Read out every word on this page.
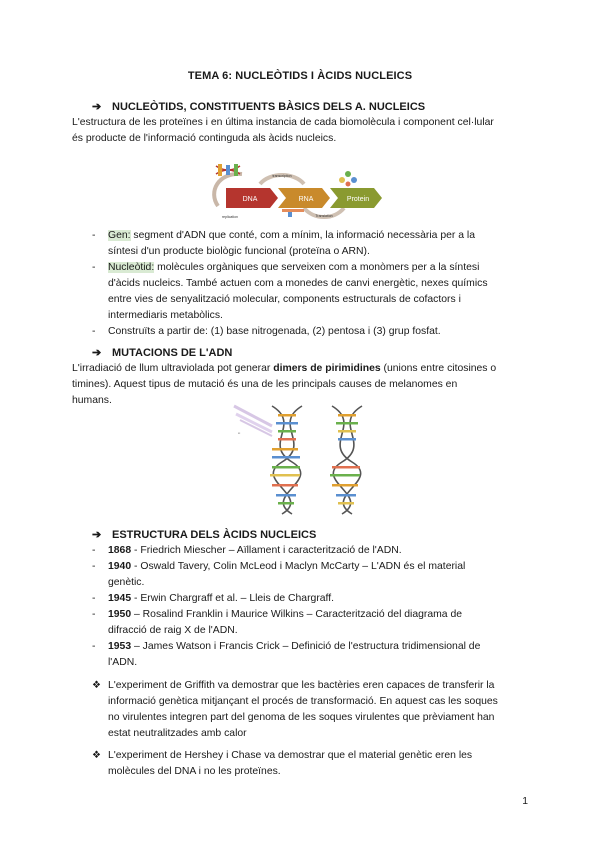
TEMA 6: NUCLEÒTIDS I ÀCIDS NUCLEICS
➔ NUCLEÒTIDS, CONSTITUENTS BÀSICS DELS A. NUCLEICS
L'estructura de les proteïnes i en última instancia de cada biomolècula i component cel·lular
és producte de l'informació continguda als àcids nucleics.
transcription
Translation
replication
DNA	RNA	Protein
- Gen: segment d'ADN que conté, com a mínim, la informació necessària per a la
síntesi d'un producte biològic funcional (proteïna o ARN).
- Nucleòtid: molècules orgàniques que serveixen com a monòmers per a la síntesi
d'àcids nucleics. També actuen com a monedes de canvi energètic, nexes químics
entre vies de senyalització molecular, components estructurals de cofactors i
intermediaris metabòlics.
- Construïts a partir de: (1) base nitrogenada, (2) pentosa i (3) grup fosfat.
➔ MUTACIONS DE L'ADN
L'irradiació de llum ultraviolada pot generar dimers de pirimidines (unions entre citosines o
timines). Aquest tipus de mutació és una de les principals causes de melanomes en
humans.
▪▪
➔ ESTRUCTURA DELS ÀCIDS NUCLEICS
- 1868 - Friedrich Miescher – Aïllament i caracterització de l'ADN.
- 1940 - Oswald Tavery, Colin McLeod i Maclyn McCarty – L'ADN és el material
genètic.
- 1945 - Erwin Chargraff et al. – Lleis de Chargraff.
- 1950 – Rosalind Franklin i Maurice Wilkins – Caracterització del diagrama de
difracció de raig X de l'ADN.
- 1953 – James Watson i Francis Crick – Definició de l'estructura tridimensional de
l'ADN.
❖ L'experiment de Griffith va demostrar que les bactèries eren capaces de transferir la
informació genètica mitjançant el procés de transformació. En aquest cas les soques
no virulentes integren part del genoma de les soques virulentes que prèviament han
estat neutralitzades amb calor
❖ L'experiment de Hershey i Chase va demostrar que el material genètic eren les
molècules del DNA i no les proteïnes.
1
